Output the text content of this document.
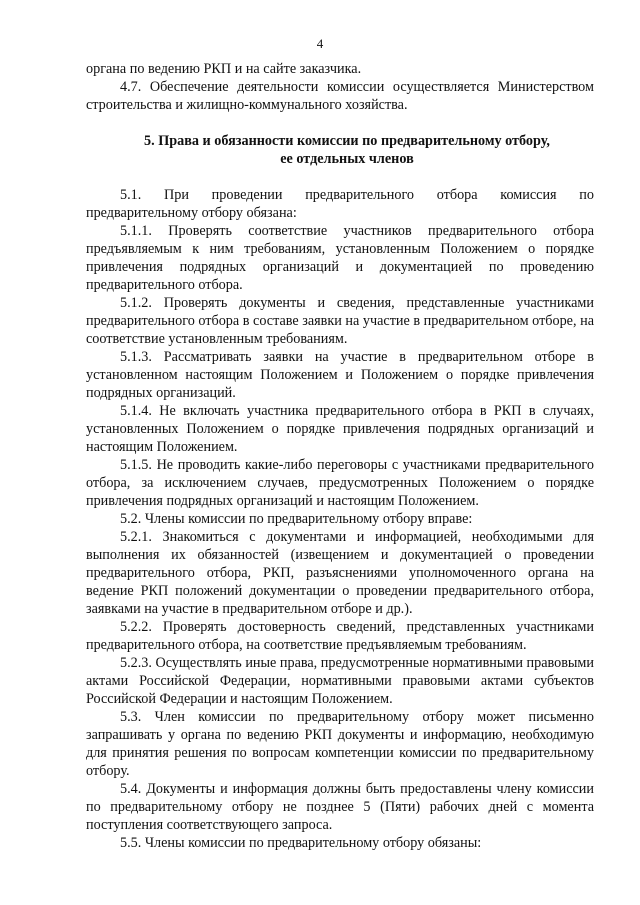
4

органа по ведению РКП и на сайте заказчика.

4.7. Обеспечение деятельности комиссии осуществляется Министерством строительства и жилищно-коммунального хозяйства.

5. Права и обязанности комиссии по предварительному отбору,
ее отдельных членов

5.1. При проведении предварительного отбора комиссия по предварительному отбору обязана:

5.1.1. Проверять соответствие участников предварительного отбора предъявляемым к ним требованиям, установленным Положением о порядке привлечения подрядных организаций и документацией по проведению предварительного отбора.

5.1.2. Проверять документы и сведения, представленные участниками предварительного отбора в составе заявки на участие в предварительном отборе, на соответствие установленным требованиям.

5.1.3. Рассматривать заявки на участие в предварительном отборе в установленном настоящим Положением и Положением о порядке привлечения подрядных организаций.

5.1.4. Не включать участника предварительного отбора в РКП в случаях, установленных Положением о порядке привлечения подрядных организаций и настоящим Положением.

5.1.5. Не проводить какие-либо переговоры с участниками предварительного отбора, за исключением случаев, предусмотренных Положением о порядке привлечения подрядных организаций и настоящим Положением.

5.2. Члены комиссии по предварительному отбору вправе:

5.2.1. Знакомиться с документами и информацией, необходимыми для выполнения их обязанностей (извещением и документацией о проведении предварительного отбора, РКП, разъяснениями уполномоченного органа на ведение РКП положений документации о проведении предварительного отбора, заявками на участие в предварительном отборе и др.).

5.2.2. Проверять достоверность сведений, представленных участниками предварительного отбора, на соответствие предъявляемым требованиям.

5.2.3. Осуществлять иные права, предусмотренные нормативными правовыми актами Российской Федерации, нормативными правовыми актами субъектов Российской Федерации и настоящим Положением.

5.3. Член комиссии по предварительному отбору может письменно запрашивать у органа по ведению РКП документы и информацию, необходимую для принятия решения по вопросам компетенции комиссии по предварительному отбору.

5.4. Документы и информация должны быть предоставлены члену комиссии по предварительному отбору не позднее 5 (Пяти) рабочих дней с момента поступления соответствующего запроса.

5.5. Члены комиссии по предварительному отбору обязаны:
